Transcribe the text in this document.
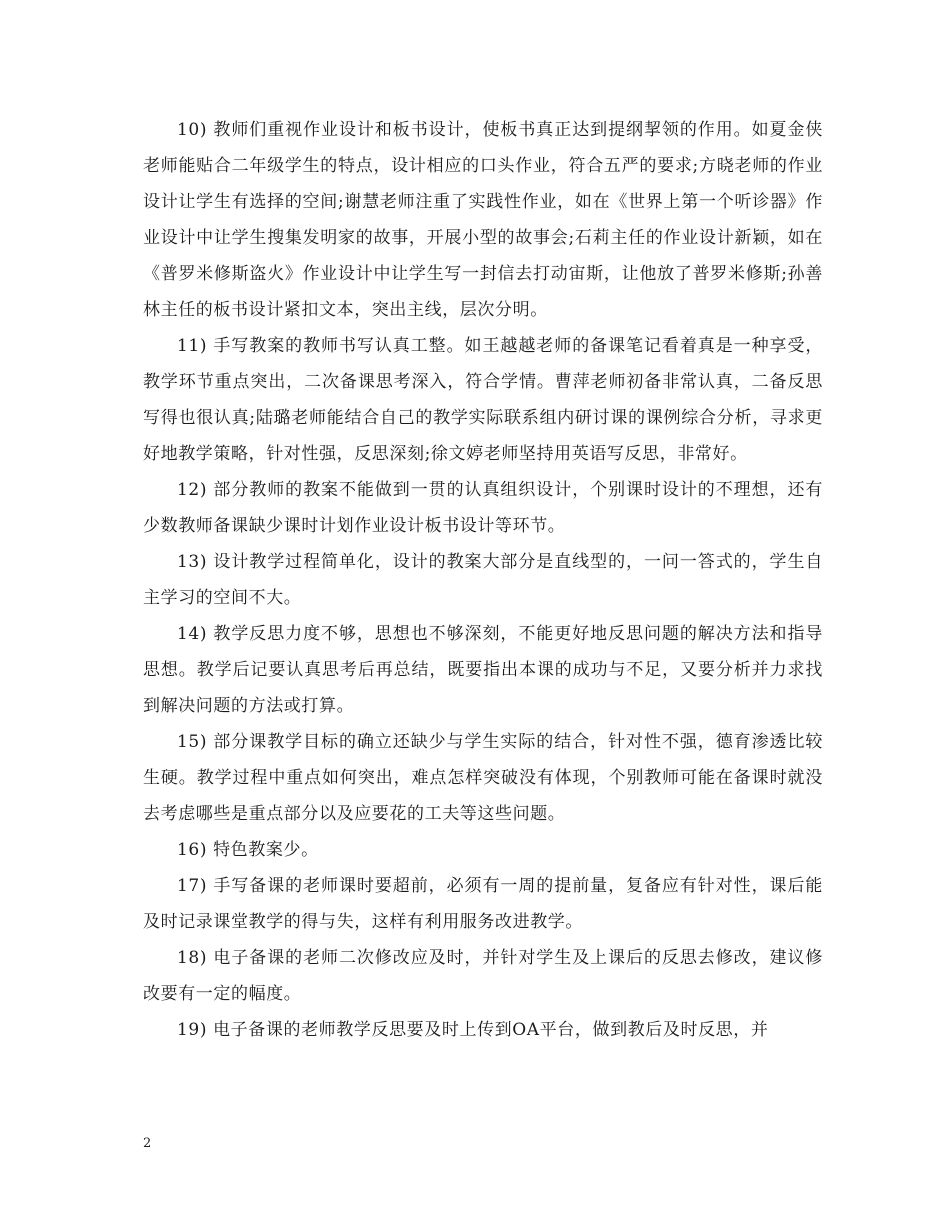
10) 教师们重视作业设计和板书设计，使板书真正达到提纲挈领的作用。如夏金侠老师能贴合二年级学生的特点，设计相应的口头作业，符合五严的要求;方晓老师的作业设计让学生有选择的空间;谢慧老师注重了实践性作业，如在《世界上第一个听诊器》作业设计中让学生搜集发明家的故事，开展小型的故事会;石莉主任的作业设计新颖，如在《普罗米修斯盗火》作业设计中让学生写一封信去打动宙斯，让他放了普罗米修斯;孙善林主任的板书设计紧扣文本，突出主线，层次分明。

11) 手写教案的教师书写认真工整。如王越越老师的备课笔记看着真是一种享受，教学环节重点突出，二次备课思考深入，符合学情。曹萍老师初备非常认真，二备反思写得也很认真;陆璐老师能结合自己的教学实际联系组内研讨课的课例综合分析，寻求更好地教学策略，针对性强，反思深刻;徐文婷老师坚持用英语写反思，非常好。

12) 部分教师的教案不能做到一贯的认真组织设计，个别课时设计的不理想，还有少数教师备课缺少课时计划作业设计板书设计等环节。

13) 设计教学过程简单化，设计的教案大部分是直线型的，一问一答式的，学生自主学习的空间不大。

14) 教学反思力度不够，思想也不够深刻，不能更好地反思问题的解决方法和指导思想。教学后记要认真思考后再总结，既要指出本课的成功与不足，又要分析并力求找到解决问题的方法或打算。

15) 部分课教学目标的确立还缺少与学生实际的结合，针对性不强，德育渗透比较生硬。教学过程中重点如何突出，难点怎样突破没有体现，个别教师可能在备课时就没去考虑哪些是重点部分以及应要花的工夫等这些问题。

16) 特色教案少。

17) 手写备课的老师课时要超前，必须有一周的提前量，复备应有针对性，课后能及时记录课堂教学的得与失，这样有利用服务改进教学。

18) 电子备课的老师二次修改应及时，并针对学生及上课后的反思去修改，建议修改要有一定的幅度。

19) 电子备课的老师教学反思要及时上传到OA平台，做到教后及时反思，并

2
